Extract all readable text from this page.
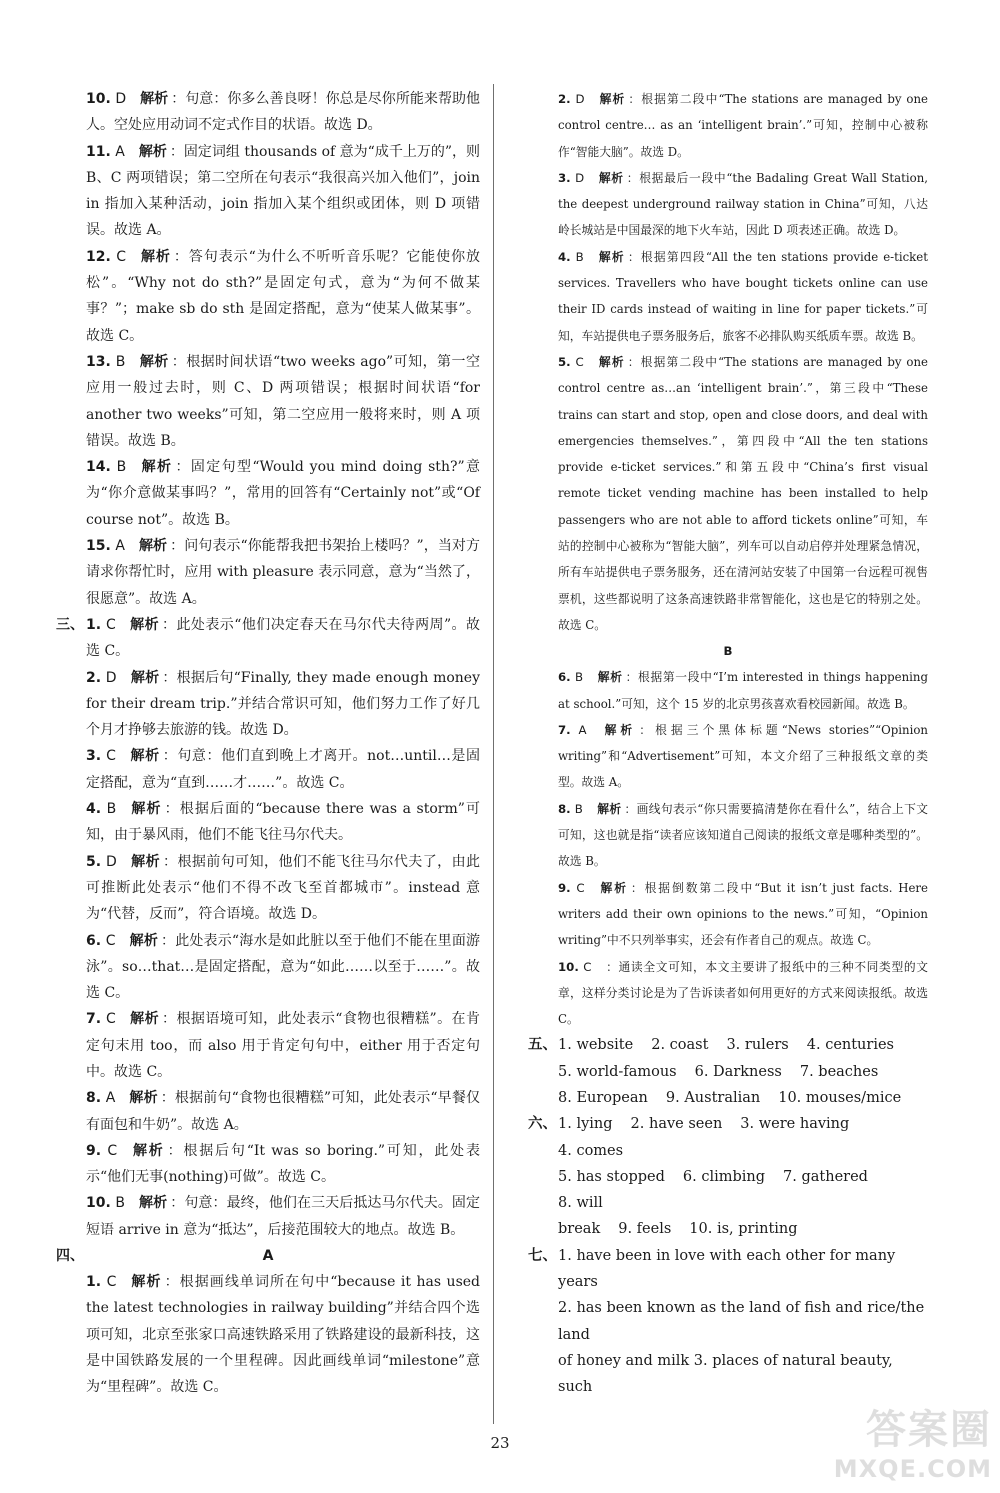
10. D 解析 ：句意：你多么善良呀！你总是尽你所能来帮助他人。空处应用动词不定式作目的状语。故选 D。
11. A 解析 ：固定词组 thousands of 意为“成千上万的”，则 B、C 两项错误；第二空所在句表示“我很高兴加入他们”，join in 指加入某种活动，join 指加入某个组织或团体，则 D 项错误。故选 A。
12. C 解析 ：答句表示“为什么不听听音乐呢？它能使你放松”。“Why not do sth?”是固定句式，意为“为何不做某事？”；make sb do sth 是固定搭配，意为“使某人做某事”。故选 C。
13. B 解析 ：根据时间状语“two weeks ago”可知，第一空应用一般过去时，则 C、D 两项错误；根据时间状语“for another two weeks”可知，第二空应用一般将来时，则 A 项错误。故选 B。
14. B 解析 ：固定句型“Would you mind doing sth?”意为“你介意做某事吗？”，常用的回答有“Certainly not”或“Of course not”。故选 B。
15. A 解析 ：问句表示“你能帮我把书架抬上楼吗？”，当对方请求你帮忙时，应用 with pleasure 表示同意，意为“当然了，很愿意”。故选 A。
三、 1. C 解析 ：此处表示“他们决定春天在马尔代夫待两周”。故选 C。
2. D 解析 ：根据后句“Finally, they made enough money for their dream trip.”并结合常识可知，他们努力工作了好几个月才挣够去旅游的钱。故选 D。
3. C 解析 ：句意：他们直到晚上才离开。not…until…是固定搭配，意为“直到……才……”。故选 C。
4. B 解析 ：根据后面的“because there was a storm”可知，由于暴风雨，他们不能飞往马尔代夫。
5. D 解析 ：根据前句可知，他们不能飞往马尔代夫了，由此可推断此处表示“他们不得不改飞至首都城市”。instead 意为“代替，反而”，符合语境。故选 D。
6. C 解析 ：此处表示“海水是如此脏以至于他们不能在里面游泳”。so…that…是固定搭配，意为“如此……以至于……”。故选 C。
7. C 解析 ：根据语境可知，此处表示“食物也很糟糕”。在肯定句末用 too，而 also 用于肯定句句中，either 用于否定句中。故选 C。
8. A 解析 ：根据前句“食物也很糟糕”可知，此处表示“早餐仅有面包和牛奶”。故选 A。
9. C 解析 ：根据后句“It was so boring.”可知，此处表示“他们无事(nothing)可做”。故选 C。
10. B 解析 ：句意：最终，他们在三天后抵达马尔代夫。固定短语 arrive in 意为“抵达”，后接范围较大的地点。故选 B。
四、	A
1. C 解析 ：根据画线单词所在句中“because it has used the latest technologies in railway building”并结合四个选项可知，北京至张家口高速铁路采用了铁路建设的最新科技，这是中国铁路发展的一个里程碑。因此画线单词“milestone”意为“里程碑”。故选 C。
2. D 解析 ：根据第二段中“The stations are managed by one control centre… as an ‘intelligent brain’.”可知，控制中心被称作“智能大脑”。故选 D。
3. D 解析 ：根据最后一段中“the Badaling Great Wall Station, the deepest underground railway station in China”可知，八达岭长城站是中国最深的地下火车站，因此 D 项表述正确。故选 D。
4. B 解析 ：根据第四段“All the ten stations provide e-ticket services. Travellers who have bought tickets online can use their ID cards instead of waiting in line for paper tickets.”可知，车站提供电子票务服务后，旅客不必排队购买纸质车票。故选 B。
5. C 解析 ：根据第二段中“The stations are managed by one control centre as…an ‘intelligent brain’.”，第三段中“These trains can start and stop, open and close doors, and deal with emergencies themselves.”，第四段中“All the ten stations provide e-ticket services.”和第五段中“China’s first visual remote ticket vending machine has been installed to help passengers who are not able to afford tickets online”可知，车站的控制中心被称为“智能大脑”，列车可以自动启停并处理紧急情况，所有车站提供电子票务服务，还在清河站安装了中国第一台远程可视售票机，这些都说明了这条高速铁路非常智能化，这也是它的特别之处。故选 C。
B
6. B 解析 ：根据第一段中“I’m interested in things happening at school.”可知，这个 15 岁的北京男孩喜欢看校园新闻。故选 B。
7. A 解析 ：根据三个黑体标题“News stories”“Opinion writing”和“Advertisement”可知，本文介绍了三种报纸文章的类型。故选 A。
8. B 解析 ：画线句表示“你只需要搞清楚你在看什么”，结合上下文可知，这也就是指“读者应该知道自己阅读的报纸文章是哪种类型的”。故选 B。
9. C 解析 ：根据倒数第二段中“But it isn’t just facts. Here writers add their own opinions to the news.”可知，“Opinion writing”中不只列举事实，还会有作者自己的观点。故选 C。
10. C ：通读全文可知，本文主要讲了报纸中的三种不同类型的文章，这样分类讨论是为了告诉读者如何用更好的方式来阅读报纸。故选 C。
五、 1. website 2. coast 3. rulers 4. centuries
5. world-famous 6. Darkness 7. beaches
8. European 9. Australian 10. mouses/mice
六、 1. lying 2. have seen 3. were having4. comes
5. has stopped 6. climbing 7. gathered8. will
break 9. feels 10. is, printing
七、 1. have been in love with each other for many years
2. has been known as the land of fish and rice/the land
of honey and milk 3. places of natural beauty, such
23	答案圈
MXQE.COM
